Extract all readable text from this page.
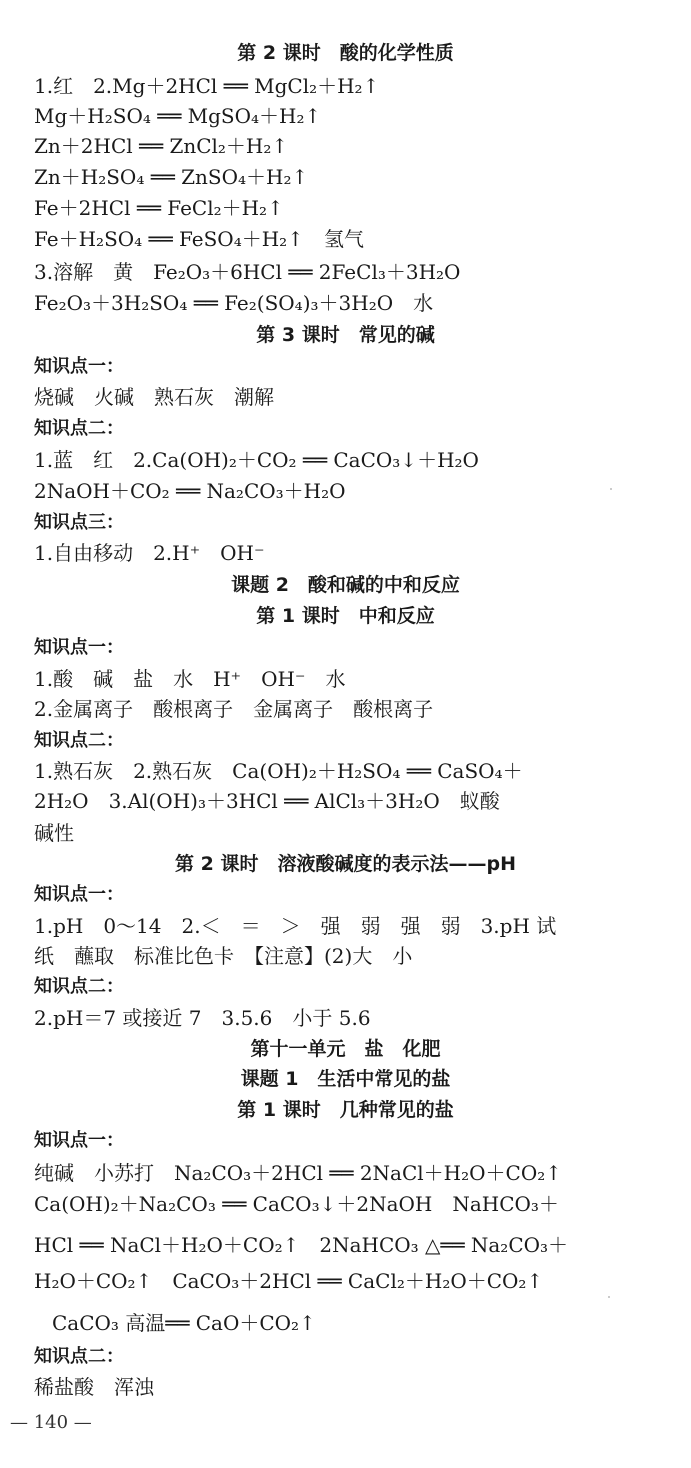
第 2 课时　酸的化学性质
1.红　2.Mg＋2HCl ══ MgCl₂＋H₂↑
Mg＋H₂SO₄ ══ MgSO₄＋H₂↑
Zn＋2HCl ══ ZnCl₂＋H₂↑
Zn＋H₂SO₄ ══ ZnSO₄＋H₂↑
Fe＋2HCl ══ FeCl₂＋H₂↑
Fe＋H₂SO₄ ══ FeSO₄＋H₂↑　氢气
3.溶解　黄　Fe₂O₃＋6HCl ══ 2FeCl₃＋3H₂O
Fe₂O₃＋3H₂SO₄ ══ Fe₂(SO₄)₃＋3H₂O　水
第 3 课时　常见的碱
知识点一：
烧碱　火碱　熟石灰　潮解
知识点二：
1.蓝　红　2.Ca(OH)₂＋CO₂ ══ CaCO₃↓＋H₂O
2NaOH＋CO₂ ══ Na₂CO₃＋H₂O
知识点三：
1.自由移动　2.H⁺　OH⁻
课题 2　酸和碱的中和反应
第 1 课时　中和反应
知识点一：
1.酸　碱　盐　水　H⁺　OH⁻　水
2.金属离子　酸根离子　金属离子　酸根离子
知识点二：
1.熟石灰　2.熟石灰　Ca(OH)₂＋H₂SO₄ ══ CaSO₄＋
2H₂O　3.Al(OH)₃＋3HCl ══ AlCl₃＋3H₂O　蚁酸
碱性
第 2 课时　溶液酸碱度的表示法——pH
知识点一：
1.pH　0～14　2.＜　＝　＞　强　弱　强　弱　3.pH 试
纸　蘸取　标准比色卡　【注意】(2)大　小
知识点二：
2.pH＝7 或接近 7　3.5.6　小于 5.6
第十一单元　盐　化肥
课题 1　生活中常见的盐
第 1 课时　几种常见的盐
知识点一：
纯碱　小苏打　Na₂CO₃＋2HCl ══ 2NaCl＋H₂O＋CO₂↑
Ca(OH)₂＋Na₂CO₃ ══ CaCO₃↓＋2NaOH　NaHCO₃＋
HCl ══ NaCl＋H₂O＋CO₂↑　2NaHCO₃ △══ Na₂CO₃＋
H₂O＋CO₂↑　CaCO₃＋2HCl ══ CaCl₂＋H₂O＋CO₂↑
CaCO₃ 高温══ CaO＋CO₂↑
知识点二：
稀盐酸　浑浊
— 140 —
